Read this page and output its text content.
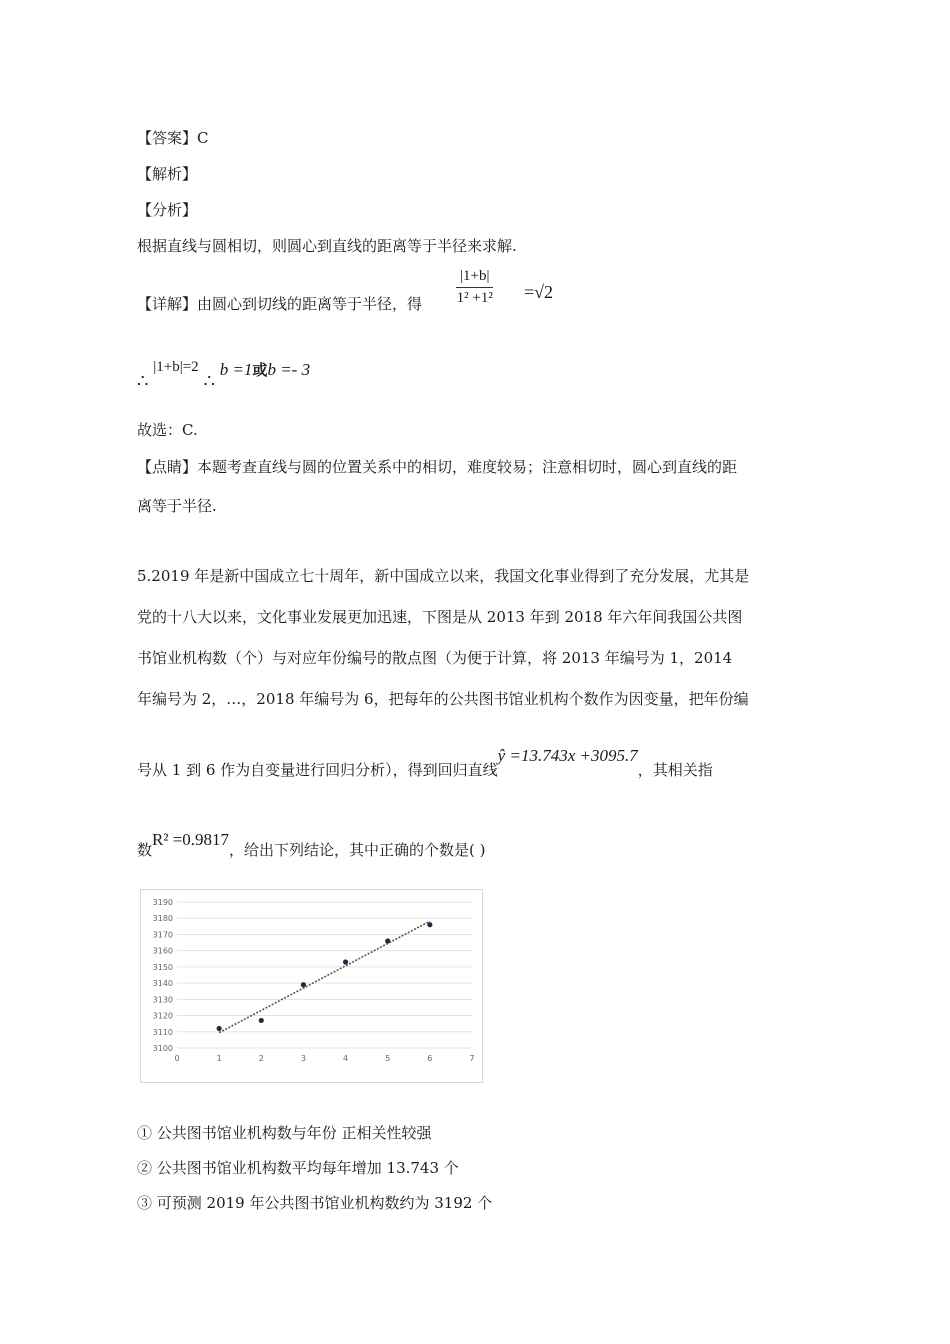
【答案】C
【解析】
【分析】
根据直线与圆相切，则圆心到直线的距离等于半径来求解.
【详解】由圆心到切线的距离等于半径，得 $\frac{|1+b|}{\text{1² +1²}} =√2$
∴ |1+b|=2 ∴ b =1或b =- 3
故选：C.
【点睛】本题考查直线与圆的位置关系中的相切，难度较易；注意相切时，圆心到直线的距
离等于半径.
5.2019 年是新中国成立七十周年，新中国成立以来，我国文化事业得到了充分发展，尤其是
党的十八大以来，文化事业发展更加迅速，下图是从 2013 年到 2018 年六年间我国公共图
书馆业机构数（个）与对应年份编号的散点图（为便于计算，将 2013 年编号为 1，2014
年编号为 2，…，2018 年编号为 6，把每年的公共图书馆业机构个数作为因变量，把年份编
号从 1 到 6 作为自变量进行回归分析），得到回归直线ŷ =13.743x +3095.7，其相关指
数R² =0.9817，给出下列结论，其中正确的个数是( )
3100
3110
3120
3130
3140
3150
3160
3170
3180
3190
0	1	2	3	4	5	6	7
① 公共图书馆业机构数与年份 正相关性较强
② 公共图书馆业机构数平均每年增加 13.743 个
③ 可预测 2019 年公共图书馆业机构数约为 3192 个
